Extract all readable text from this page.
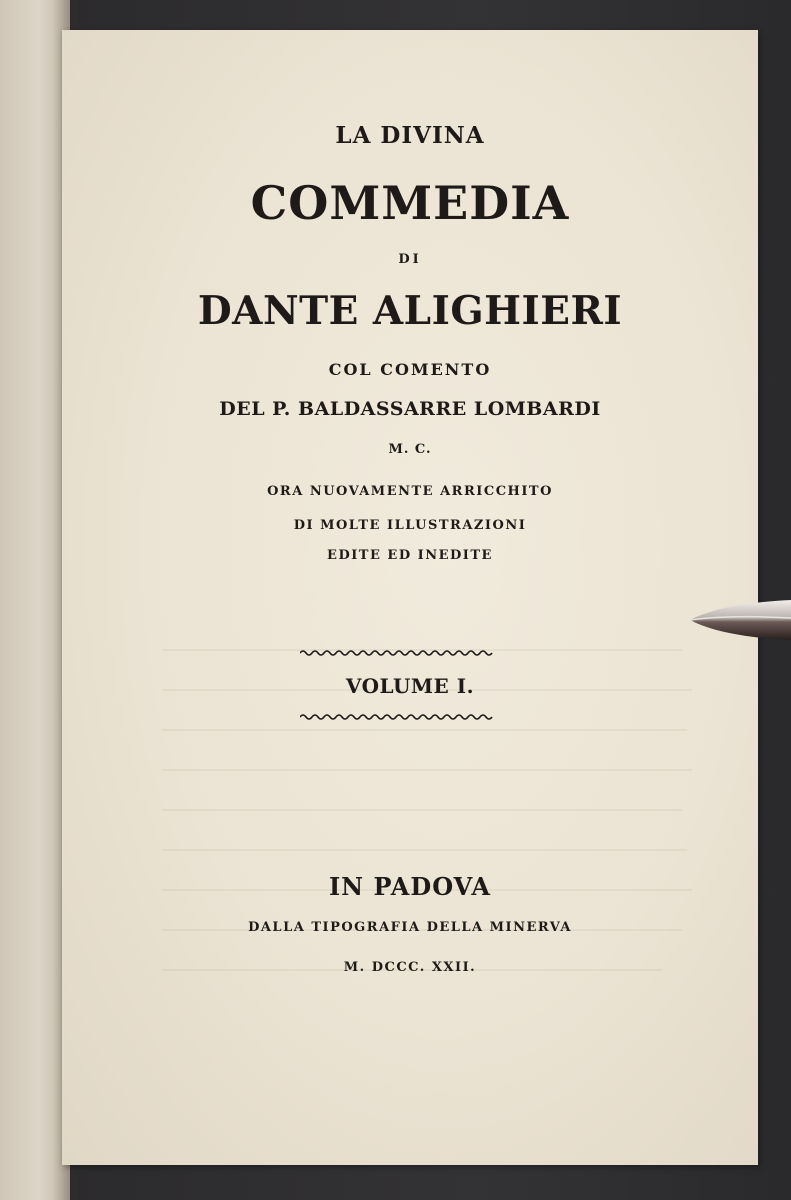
LA DIVINA
COMMEDIA
DI
DANTE ALIGHIERI
COL COMENTO
DEL P. BALDASSARRE LOMBARDI
M. C.
ORA NUOVAMENTE ARRICCHITO
DI MOLTE ILLUSTRAZIONI
EDITE ED INEDITE
VOLUME I.
IN PADOVA
DALLA TIPOGRAFIA DELLA MINERVA
M. DCCC. XXII.
